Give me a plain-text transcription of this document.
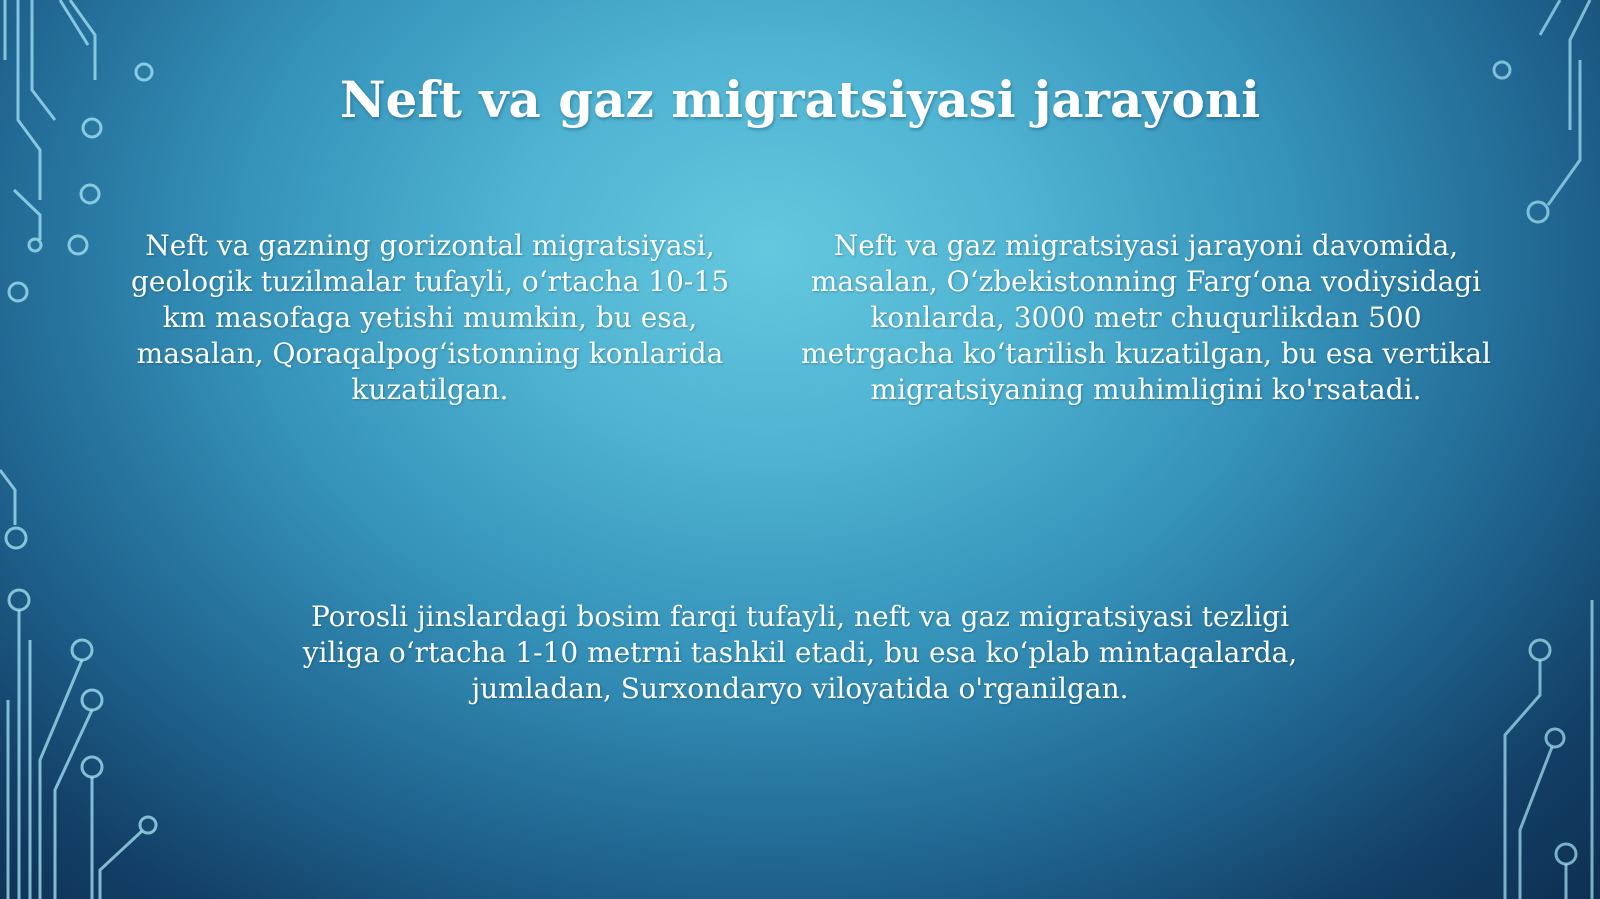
Neft va gaz migratsiyasi jarayoni
Neft va gazning gorizontal migratsiyasi, geologik tuzilmalar tufayli, oʻrtacha 10-15 km masofaga yetishi mumkin, bu esa, masalan, Qoraqalpogʻistonning konlarida kuzatilgan.
Neft va gaz migratsiyasi jarayoni davomida, masalan, Oʻzbekistonning Fargʻona vodiysidagi konlarda, 3000 metr chuqurlikdan 500 metrgacha koʻtarilish kuzatilgan, bu esa vertikal migratsiyaning muhimligini ko'rsatadi.
Porosli jinslardagi bosim farqi tufayli, neft va gaz migratsiyasi tezligi yiliga oʻrtacha 1-10 metrni tashkil etadi, bu esa koʻplab mintaqalarda, jumladan, Surxondaryo viloyatida o'rganilgan.
